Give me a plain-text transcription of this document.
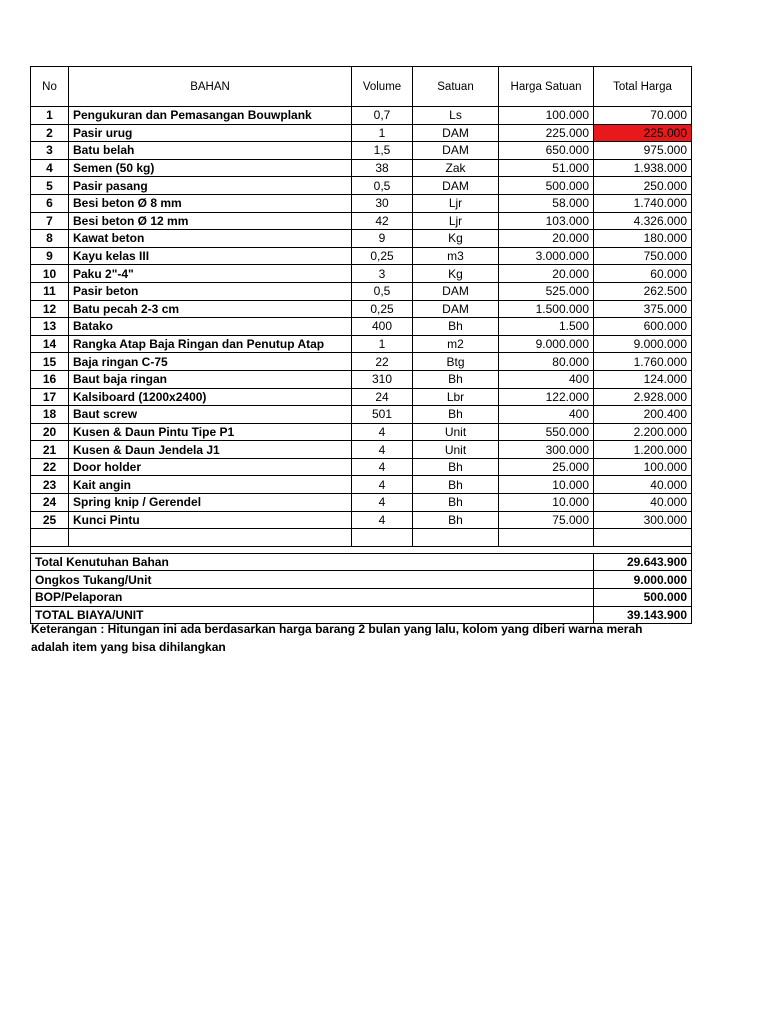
No	BAHAN	Volume	Satuan	Harga Satuan	Total Harga
1	Pengukuran dan Pemasangan Bouwplank	0,7	Ls	100.000	70.000
2	Pasir urug	1	DAM	225.000	225.000
3	Batu belah	1,5	DAM	650.000	975.000
4	Semen (50 kg)	38	Zak	51.000	1.938.000
5	Pasir pasang	0,5	DAM	500.000	250.000
6	Besi beton Ø 8 mm	30	Ljr	58.000	1.740.000
7	Besi beton Ø 12 mm	42	Ljr	103.000	4.326.000
8	Kawat beton	9	Kg	20.000	180.000
9	Kayu kelas III	0,25	m3	3.000.000	750.000
10	Paku 2"-4"	3	Kg	20.000	60.000
11	Pasir beton	0,5	DAM	525.000	262.500
12	Batu pecah 2-3 cm	0,25	DAM	1.500.000	375.000
13	Batako	400	Bh	1.500	600.000
14	Rangka Atap Baja Ringan dan Penutup Atap	1	m2	9.000.000	9.000.000
15	Baja ringan C-75	22	Btg	80.000	1.760.000
16	Baut baja ringan	310	Bh	400	124.000
17	Kalsiboard (1200x2400)	24	Lbr	122.000	2.928.000
18	Baut screw	501	Bh	400	200.400
20	Kusen & Daun Pintu Tipe P1	4	Unit	550.000	2.200.000
21	Kusen & Daun Jendela J1	4	Unit	300.000	1.200.000
22	Door holder	4	Bh	25.000	100.000
23	Kait angin	4	Bh	10.000	40.000
24	Spring knip / Gerendel	4	Bh	10.000	40.000
25	Kunci Pintu	4	Bh	75.000	300.000

Total Kenutuhan Bahan					29.643.900
Ongkos Tukang/Unit					9.000.000
BOP/Pelaporan					500.000
TOTAL BIAYA/UNIT					39.143.900
Keterangan : Hitungan ini ada berdasarkan harga barang 2 bulan yang lalu, kolom yang diberi warna merah adalah item yang bisa dihilangkan
